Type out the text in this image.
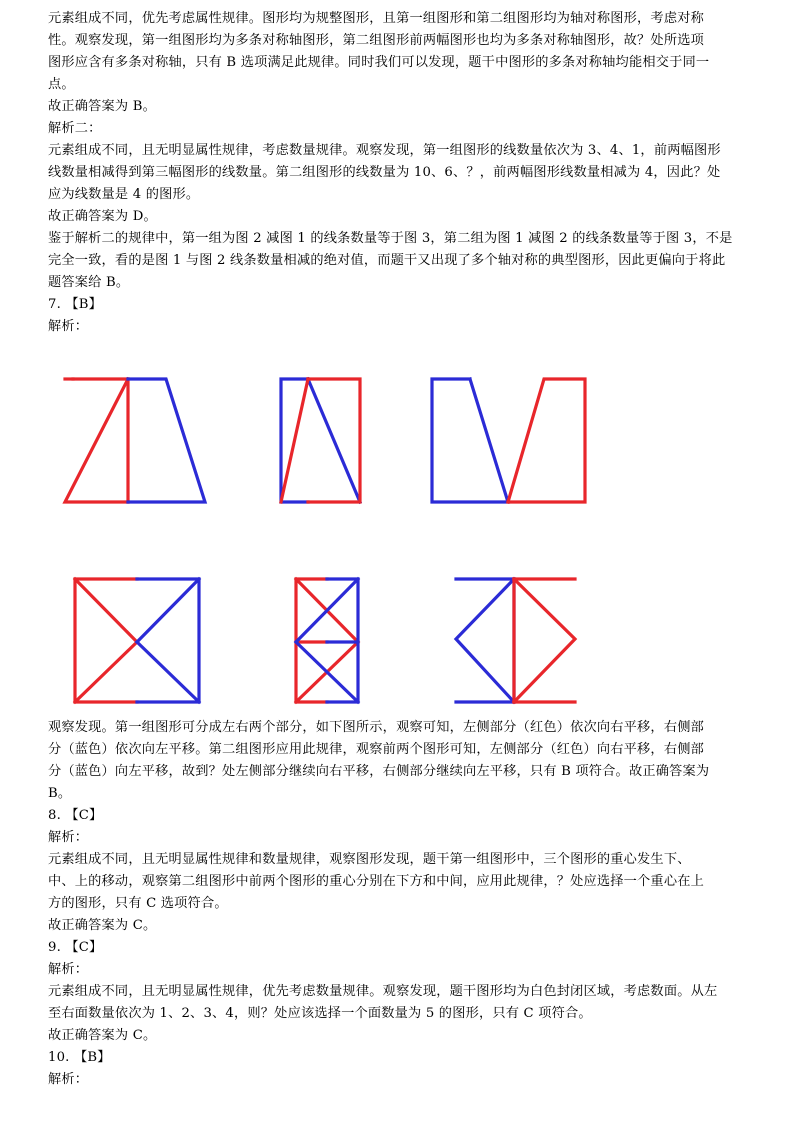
元素组成不同，优先考虑属性规律。图形均为规整图形，且第一组图形和第二组图形均为轴对称图形，考虑对称
性。观察发现，第一组图形均为多条对称轴图形，第二组图形前两幅图形也均为多条对称轴图形，故？处所选项
图形应含有多条对称轴，只有 B 选项满足此规律。同时我们可以发现，题干中图形的多条对称轴均能相交于同一
点。
故正确答案为 B。
解析二：
元素组成不同，且无明显属性规律，考虑数量规律。观察发现，第一组图形的线数量依次为 3、4、1，前两幅图形
线数量相减得到第三幅图形的线数量。第二组图形的线数量为 10、6、？，前两幅图形线数量相减为 4，因此？处
应为线数量是 4 的图形。
故正确答案为 D。
鉴于解析二的规律中，第一组为图 2 减图 1 的线条数量等于图 3，第二组为图 1 减图 2 的线条数量等于图 3，不是
完全一致，看的是图 1 与图 2 线条数量相减的绝对值，而题干又出现了多个轴对称的典型图形，因此更偏向于将此
题答案给 B。
7. 【B】
解析：
观察发现。第一组图形可分成左右两个部分，如下图所示，观察可知，左侧部分（红色）依次向右平移，右侧部
分（蓝色）依次向左平移。第二组图形应用此规律，观察前两个图形可知，左侧部分（红色）向右平移，右侧部
分（蓝色）向左平移，故到？处左侧部分继续向右平移，右侧部分继续向左平移，只有 B 项符合。故正确答案为
B。
8. 【C】
解析：
元素组成不同，且无明显属性规律和数量规律，观察图形发现，题干第一组图形中，三个图形的重心发生下、
中、上的移动，观察第二组图形中前两个图形的重心分别在下方和中间，应用此规律，？处应选择一个重心在上
方的图形，只有 C 选项符合。
故正确答案为 C。
9. 【C】
解析：
元素组成不同，且无明显属性规律，优先考虑数量规律。观察发现，题干图形均为白色封闭区域，考虑数面。从左
至右面数量依次为 1、2、3、4，则？处应该选择一个面数量为 5 的图形，只有 C 项符合。
故正确答案为 C。
10. 【B】
解析：
